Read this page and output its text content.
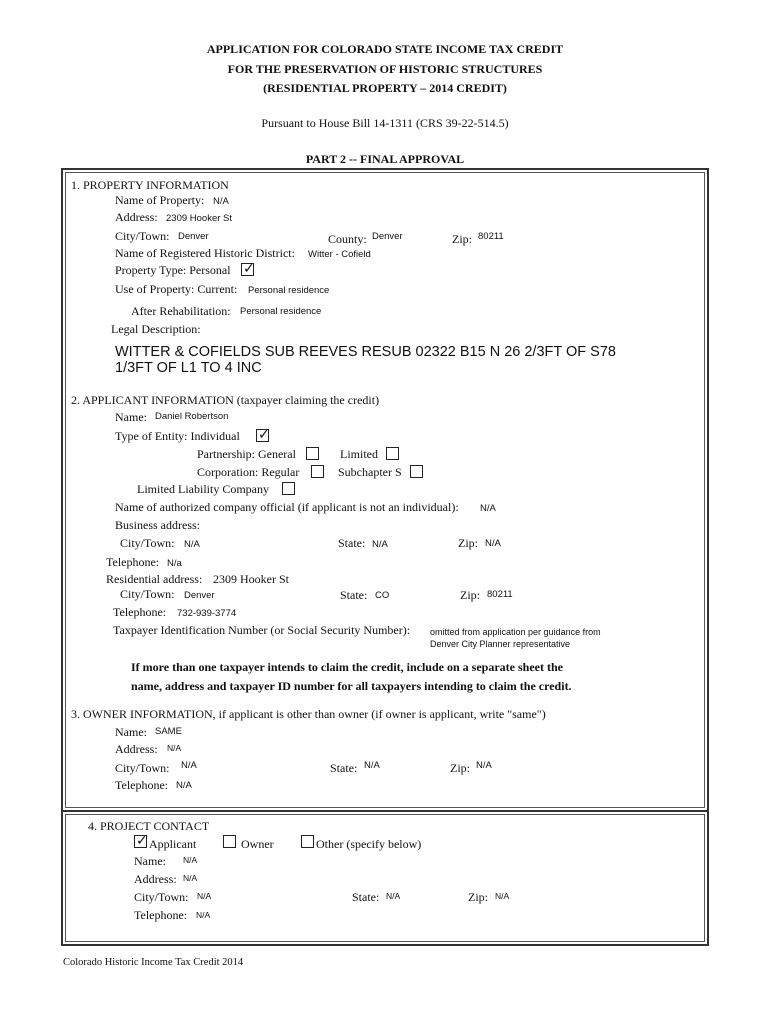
APPLICATION FOR COLORADO STATE INCOME TAX CREDIT
FOR THE PRESERVATION OF HISTORIC STRUCTURES
(RESIDENTIAL PROPERTY – 2014 CREDIT)
Pursuant to House Bill 14-1311 (CRS 39-22-514.5)
PART 2 -- FINAL APPROVAL
1. PROPERTY INFORMATION
Name of Property: N/A
Address: 2309 Hooker St
City/Town: Denver	County: Denver	Zip: 80211
Name of Registered Historic District: Witter - Cofield
Property Type: Personal
✓
Use of Property: Current: Personal residence
After Rehabilitation: Personal residence
Legal Description:
WITTER & COFIELDS SUB REEVES RESUB 02322 B15 N 26 2/3FT OF S78 1/3FT OF L1 TO 4 INC
2. APPLICANT INFORMATION (taxpayer claiming the credit)
Name: Daniel Robertson
Type of Entity: Individual
✓
Partnership: General	Limited
Corporation: Regular	Subchapter S
Limited Liability Company
Name of authorized company official (if applicant is not an individual): N/A
Business address:
City/Town: N/A	State: N/A	Zip: N/A
Telephone: N/a
Residential address: 2309 Hooker St
City/Town: Denver	State: CO	Zip: 80211
Telephone: 732-939-3774
Taxpayer Identification Number (or Social Security Number): omitted from application per guidance from
Denver City Planner representative
If more than one taxpayer intends to claim the credit, include on a separate sheet the
name, address and taxpayer ID number for all taxpayers intending to claim the credit.
3. OWNER INFORMATION, if applicant is other than owner (if owner is applicant, write "same")
Name: SAME
Address: N/A
City/Town: N/A	State: N/A	Zip: N/A
Telephone: N/A
4. PROJECT CONTACT
✓
Applicant	Owner	Other (specify below)
Name: N/A
Address: N/A
City/Town: N/A	State: N/A	Zip: N/A
Telephone: N/A
Colorado Historic Income Tax Credit 2014
